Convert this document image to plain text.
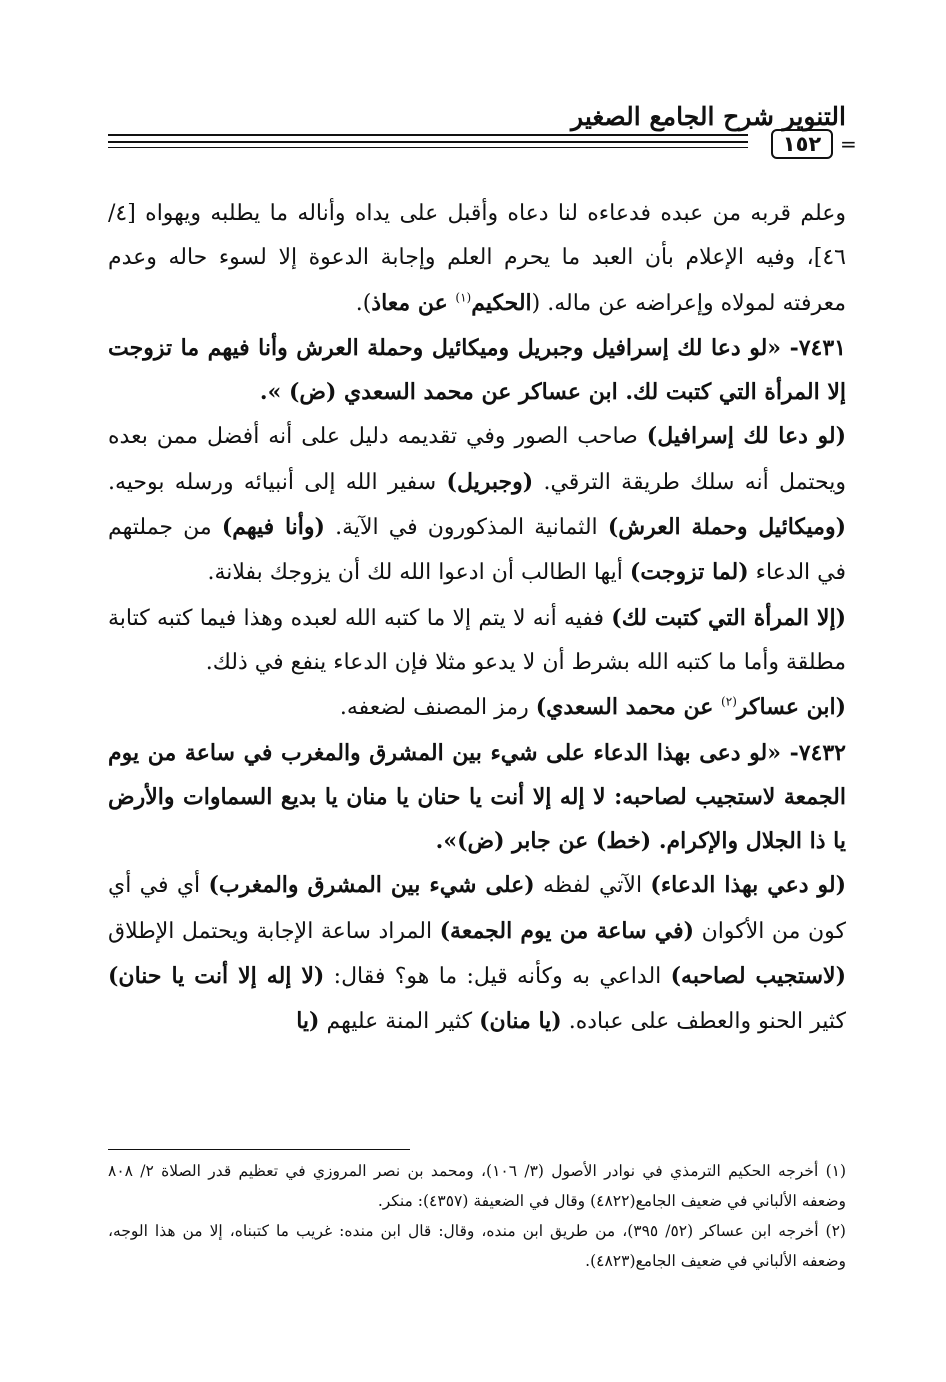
التنوير شرح الجامع الصغير
١٥٢ =

وعلم قربه من عبده فدعاءه لنا دعاه وأقبل على يداه وأناله ما يطلبه ويهواه [٤/ ٤٦]، وفيه الإعلام بأن العبد ما يحرم العلم وإجابة الدعوة إلا لسوء حاله وعدم معرفته لمولاه وإعراضه عن ماله. (الحكيم$^{(١)}$ عن معاذ).

٧٤٣١- «لو دعا لك إسرافيل وجبريل وميكائيل وحملة العرش وأنا فيهم ما تزوجت إلا المرأة التي كتبت لك. ابن عساكر عن محمد السعدي (ض) ».

(لو دعا لك إسرافيل) صاحب الصور وفي تقديمه دليل على أنه أفضل ممن بعده ويحتمل أنه سلك طريقة الترقي. (وجبريل) سفير الله إلى أنبيائه ورسله بوحيه. (وميكائيل وحملة العرش) الثمانية المذكورون في الآية. (وأنا فيهم) من جملتهم في الدعاء (لما تزوجت) أيها الطالب أن ادعوا الله لك أن يزوجك بفلانة.

(إلا المرأة التي كتبت لك) ففيه أنه لا يتم إلا ما كتبه الله لعبده وهذا فيما كتبه كتابة مطلقة وأما ما كتبه الله بشرط أن لا يدعو مثلا فإن الدعاء ينفع في ذلك.

(ابن عساكر$^{(٢)}$ عن محمد السعدي) رمز المصنف لضعفه.

٧٤٣٢- «لو دعى بهذا الدعاء على شيء بين المشرق والمغرب في ساعة من يوم الجمعة لاستجيب لصاحبه: لا إله إلا أنت يا حنان يا منان يا بديع السماوات والأرض يا ذا الجلال والإكرام. (خط) عن جابر (ض)».

(لو دعي بهذا الدعاء) الآتي لفظه (على شيء بين المشرق والمغرب) أي في أي كون من الأكوان (في ساعة من يوم الجمعة) المراد ساعة الإجابة ويحتمل الإطلاق (لاستجيب لصاحبه) الداعي به وكأنه قيل: ما هو؟ فقال: (لا إله إلا أنت يا حنان) كثير الحنو والعطف على عباده. (يا منان) كثير المنة عليهم (يا

(١) أخرجه الحكيم الترمذي في نوادر الأصول (٣/ ١٠٦)، ومحمد بن نصر المروزي في تعظيم قدر الصلاة ٢/ ٨٠٨ وضعفه الألباني في ضعيف الجامع(٤٨٢٢) وقال في الضعيفة (٤٣٥٧): منكر.

(٢) أخرجه ابن عساكر (٥٢/ ٣٩٥)، من طريق ابن منده، وقال: قال ابن منده: غريب ما كتبناه، إلا من هذا الوجه، وضعفه الألباني في ضعيف الجامع(٤٨٢٣).
